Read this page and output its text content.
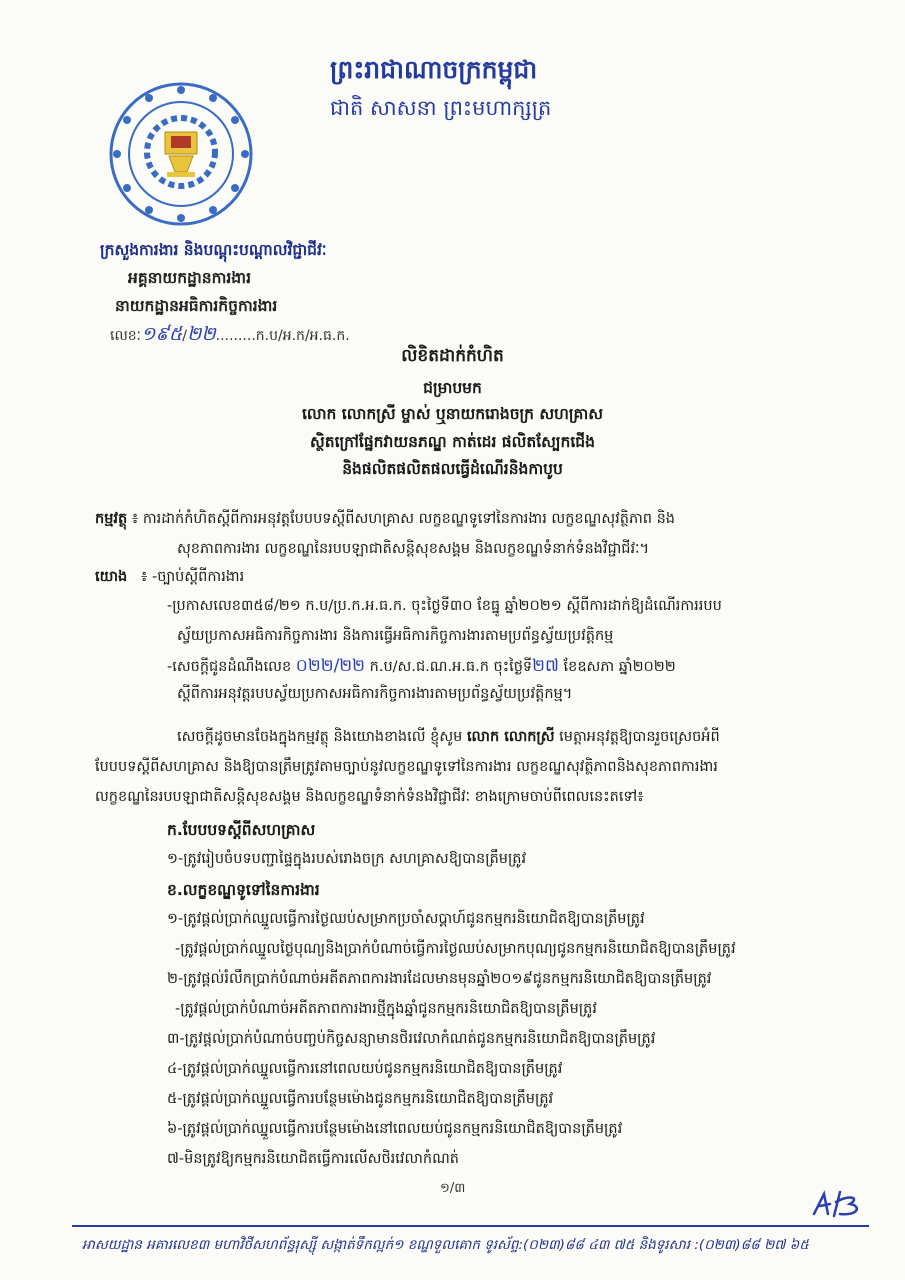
ព្រះរាជាណាចក្រកម្ពុជា
ជាតិ សាសនា ព្រះមហាក្សត្រ
ក្រសួងការងារ និងបណ្តុះបណ្តាលវិជ្ជាជីវៈ
អគ្គនាយកដ្ឋានការងារ
នាយកដ្ឋានអធិការកិច្ចការងារ
លេខៈ១៩៥/២២.........ក.ប/អ.ក/អ.ធ.ក.
លិខិតដាក់កំហិត
ជម្រាបមក
លោក លោកស្រី ម្ចាស់ ឬនាយករោងចក្រ សហគ្រាស
ស្ថិតក្រៅផ្នែកវាយនភណ្ឌ កាត់ដេរ ផលិតស្បែកជើង
និងផលិតផលិតផលធ្វើដំណើរនិងកាបូប
កម្មវត្ថុ ៖ ការដាក់កំហិតស្តីពីការអនុវត្តបែបបទស្តីពីសហគ្រាស លក្ខខណ្ឌទូទៅនៃការងារ លក្ខខណ្ឌសុវត្ថិភាព និង
សុខភាពការងារ លក្ខខណ្ឌនៃរបបឡាជាតិសន្តិសុខសង្គម និងលក្ខខណ្ឌទំនាក់ទំនងវិជ្ជាជីវៈ។
យោង   ៖ -ច្បាប់ស្តីពីការងារ
-ប្រកាសលេខ៣៥៨/២១ ក.ប/ប្រ.ក.អ.ធ.ក. ចុះថ្ងៃទី៣០ ខែធ្នូ ឆ្នាំ២០២១ ស្តីពីការដាក់ឱ្យដំណើរការរបប
ស្វ័យប្រកាសអធិការកិច្ចការងារ និងការធ្វើអធិការកិច្ចការងារតាមប្រព័ន្ធស្វ័យប្រវត្តិកម្ម
-សេចក្តីជូនដំណឹងលេខ ០២២/២២ ក.ប/ស.ជ.ណ.អ.ធ.ក ចុះថ្ងៃទី២៧ ខែឧសភា ឆ្នាំ២០២២
ស្តីពីការអនុវត្តរបបស្វ័យប្រកាសអធិការកិច្ចការងារតាមប្រព័ន្ធស្វ័យប្រវត្តិកម្ម។
សេចក្តីដូចមានចែងក្នុងកម្មវត្ថុ និងយោងខាងលើ ខ្ញុំសូម លោក លោកស្រី មេត្តាអនុវត្តឱ្យបានរួចស្រេចអំពី
បែបបទស្តីពីសហគ្រាស និងឱ្យបានត្រឹមត្រូវតាមច្បាប់នូវលក្ខខណ្ឌទូទៅនៃការងារ លក្ខខណ្ឌសុវត្ថិភាពនិងសុខភាពការងារ
លក្ខខណ្ឌនៃរបបឡាជាតិសន្តិសុខសង្គម និងលក្ខខណ្ឌទំនាក់ទំនងវិជ្ជាជីវៈ ខាងក្រោមចាប់ពីពេលនេះតទៅ៖
ក.បែបបទស្តីពីសហគ្រាស
១-ត្រូវរៀបចំបទបញ្ជាផ្ទៃក្នុងរបស់រោងចក្រ សហគ្រាសឱ្យបានត្រឹមត្រូវ
ខ.លក្ខខណ្ឌទូទៅនៃការងារ
១-ត្រូវផ្តល់ប្រាក់ឈ្នួលធ្វើការថ្ងៃឈប់សម្រាកប្រចាំសប្តាហ៍ជូនកម្មករនិយោជិតឱ្យបានត្រឹមត្រូវ
-ត្រូវផ្តល់ប្រាក់ឈ្នួលថ្ងៃបុណ្យនិងប្រាក់បំណាច់ធ្វើការថ្ងៃឈប់សម្រាកបុណ្យជូនកម្មករនិយោជិតឱ្យបានត្រឹមត្រូវ
២-ត្រូវផ្តល់រំលឹកប្រាក់បំណាច់អតីតភាពការងារដែលមានមុនឆ្នាំ២០១៩ជូនកម្មករនិយោជិតឱ្យបានត្រឹមត្រូវ
-ត្រូវផ្តល់ប្រាក់បំណាច់អតីតភាពការងារថ្មីក្នុងឆ្នាំជូនកម្មករនិយោជិតឱ្យបានត្រឹមត្រូវ
៣-ត្រូវផ្តល់ប្រាក់បំណាច់បញ្ចប់កិច្ចសន្យាមានថិរវេលាកំណត់ជូនកម្មករនិយោជិតឱ្យបានត្រឹមត្រូវ
៤-ត្រូវផ្តល់ប្រាក់ឈ្នួលធ្វើការនៅពេលយប់ជូនកម្មករនិយោជិតឱ្យបានត្រឹមត្រូវ
៥-ត្រូវផ្តល់ប្រាក់ឈ្នួលធ្វើការបន្ថែមម៉ោងជូនកម្មករនិយោជិតឱ្យបានត្រឹមត្រូវ
៦-ត្រូវផ្តល់ប្រាក់ឈ្នួលធ្វើការបន្ថែមម៉ោងនៅពេលយប់ជូនកម្មករនិយោជិតឱ្យបានត្រឹមត្រូវ
៧-មិនត្រូវឱ្យកម្មករនិយោជិតធ្វើការលើសថិរវេលាកំណត់
១/៣
អាសយដ្ឋាន អគារលេខ៣ មហាវិថីសហព័ន្ធរុស្ស៊ី សង្កាត់ទឹកល្អក់១ ខណ្ឌទួលគោក ទូរស័ព្ទ:(០២៣)៨៨ ៤៣ ៧៥ និងទូរសារ :(០២៣)៨៨ ២៧ ៦៥
